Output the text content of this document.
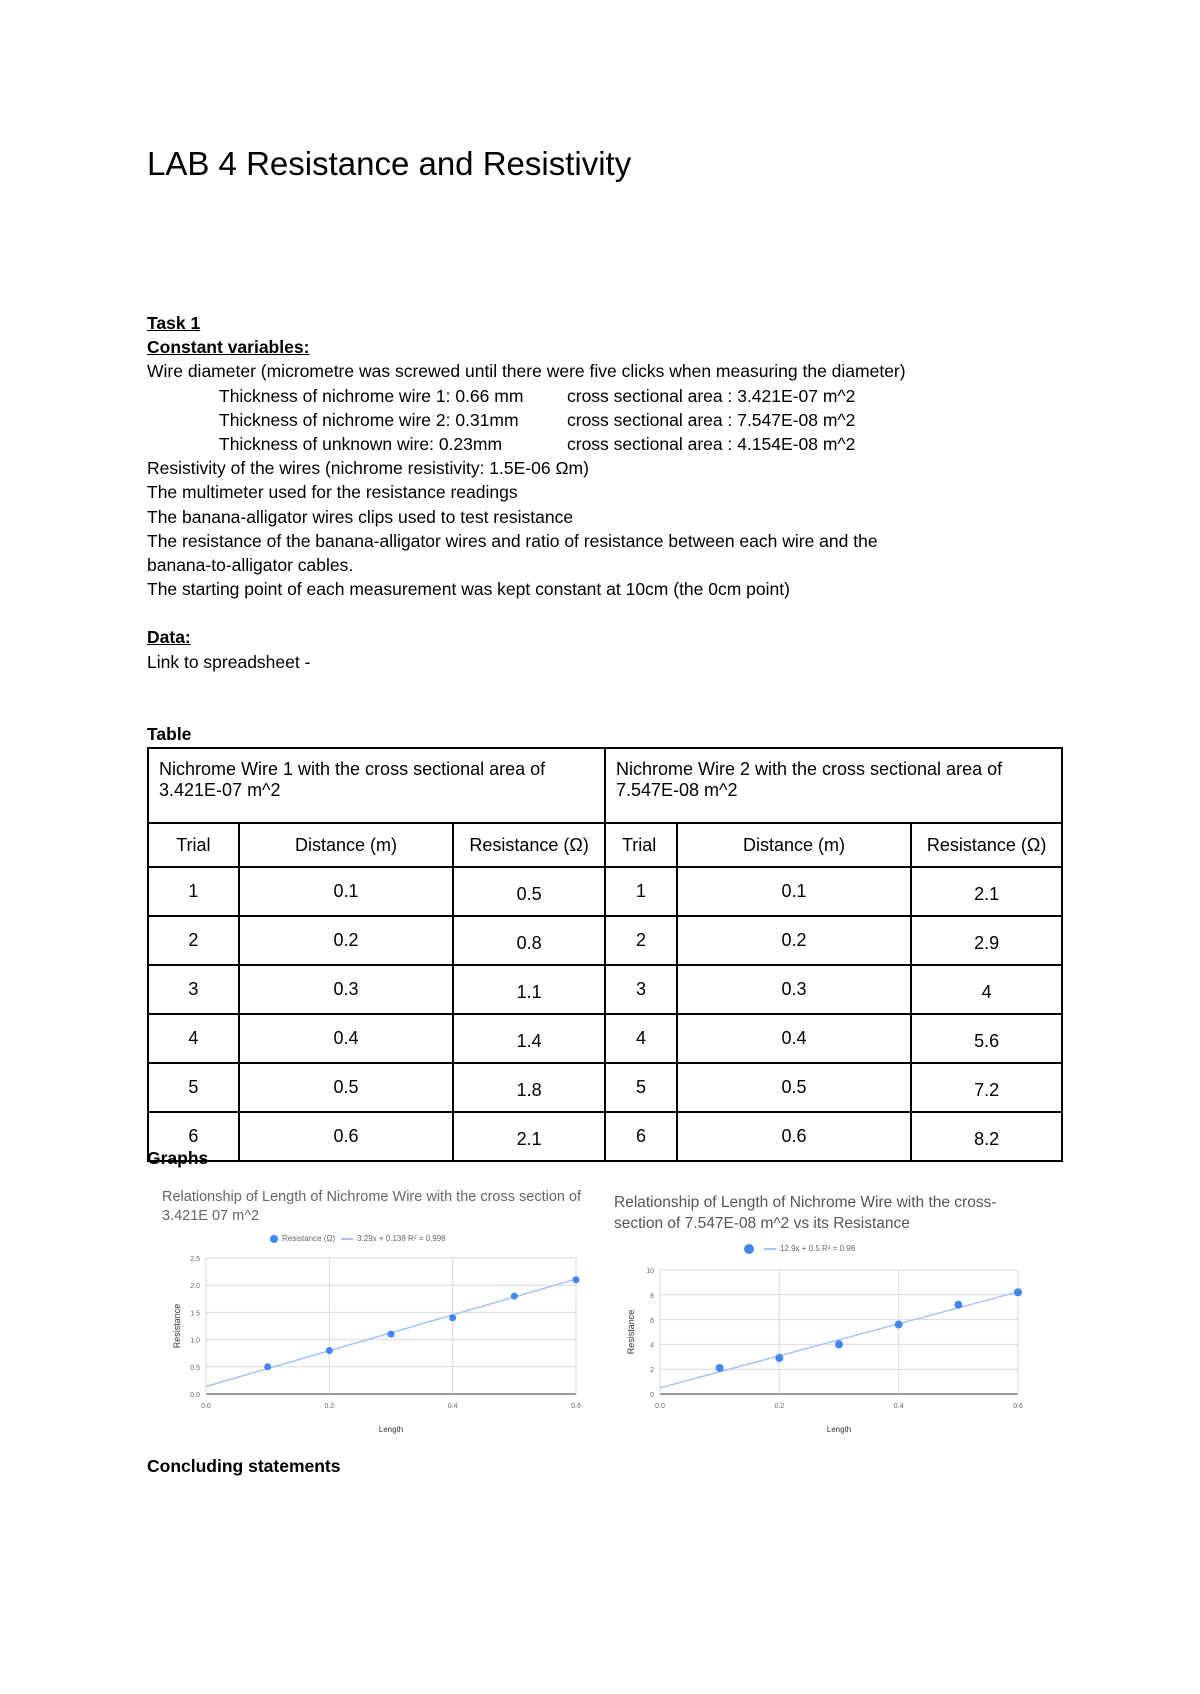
LAB 4 Resistance and Resistivity
Task 1
Constant variables:
Wire diameter (micrometre was screwed until there were five clicks when measuring the diameter)
Thickness of nichrome wire 1: 0.66 mm cross sectional area : 3.421E-07 m^2
Thickness of nichrome wire 2: 0.31mm	cross sectional area : 7.547E-08 m^2
Thickness of unknown wire: 0.23mm	cross sectional area : 4.154E-08 m^2
Resistivity of the wires (nichrome resistivity: 1.5E-06 Ωm)
The multimeter used for the resistance readings
The banana-alligator wires clips used to test resistance
The resistance of the banana-alligator wires and ratio of resistance between each wire and the
banana-to-alligator cables.
The starting point of each measurement was kept constant at 10cm (the 0cm point)
Data:
Link to spreadsheet -
Table
Nichrome Wire 1 with the cross sectional area of 3.421E-07 m^2			Nichrome Wire 2 with the cross sectional area of 7.547E-08 m^2		
Trial	Distance (m)	Resistance (Ω)	Trial	Distance (m)	Resistance (Ω)
1	0.1	0.5	1	0.1	2.1
2	0.2	0.8	2	0.2	2.9
3	0.3	1.1	3	0.3	4
4	0.4	1.4	4	0.4	5.6
5	0.5	1.8	5	0.5	7.2
6	0.6	2.1	6	0.6	8.2
Graphs

Relationship of Length of Nichrome Wire with the cross section of 3.421E 07 m^2

Resistance (Ω)	3.29x + 0.138 R² = 0.998
0.0
0.5
1.0
1.5
2.0
2.5
0.0	0.2	0.4	0.6
Length
Resistance

Relationship of Length of Nichrome Wire with the cross-section of 7.547E-08 m^2 vs its Resistance

12.9x + 0.5 R² = 0.98
0
2
4
6
8
10
0.0	0.2	0.4	0.6
Length
Resistance
Concluding statements
